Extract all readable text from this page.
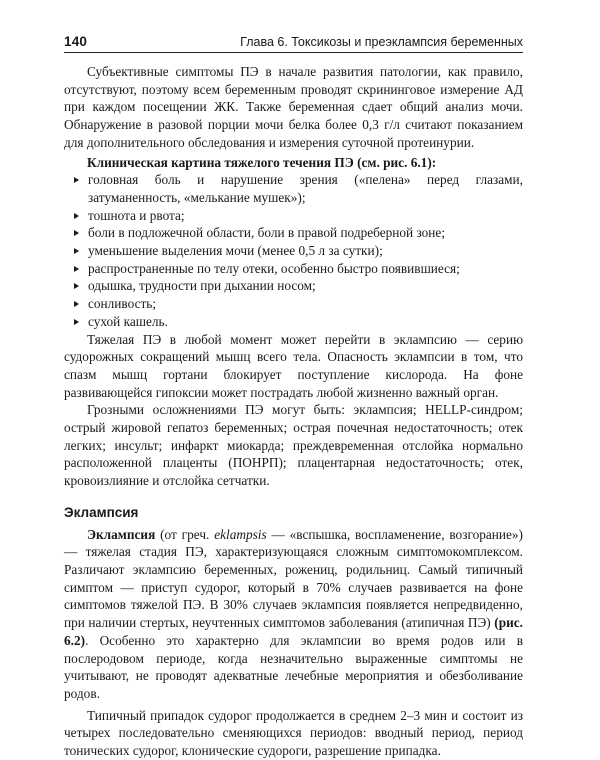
140	Глава 6. Токсикозы и преэклампсия беременных

Субъективные симптомы ПЭ в начале развития патологии, как правило, отсутствуют, поэтому всем беременным проводят скрининговое измерение АД при каждом посещении ЖК. Также беременная сдает общий анализ мочи. Обнаружение в разовой порции мочи белка более 0,3 г/л считают показанием для дополнительного обследования и измерения суточной протеинурии.

Клиническая картина тяжелого течения ПЭ (см. рис. 6.1):

головная боль и нарушение зрения («пелена» перед глазами, затуманенность, «мелькание мушек»);
тошнота и рвота;
боли в подложечной области, боли в правой подреберной зоне;
уменьшение выделения мочи (менее 0,5 л за сутки);
распространенные по телу отеки, особенно быстро появившиеся;
одышка, трудности при дыхании носом;
сонливость;
сухой кашель.

Тяжелая ПЭ в любой момент может перейти в эклампсию — серию судорожных сокращений мышц всего тела. Опасность эклампсии в том, что спазм мышц гортани блокирует поступление кислорода. На фоне развивающейся гипоксии может пострадать любой жизненно важный орган.

Грозными осложнениями ПЭ могут быть: эклампсия; HELLP-синдром; острый жировой гепатоз беременных; острая почечная недостаточность; отек легких; инсульт; инфаркт миокарда; преждевременная отслойка нормально расположенной плаценты (ПОНРП); плацентарная недостаточность; отек, кровоизлияние и отслойка сетчатки.

Эклампсия

Эклампсия (от греч. eklampsis — «вспышка, воспламенение, возгорание») — тяжелая стадия ПЭ, характеризующаяся сложным симптомокомплексом. Различают эклампсию беременных, рожениц, родильниц. Самый типичный симптом — приступ судорог, который в 70% случаев развивается на фоне симптомов тяжелой ПЭ. В 30% случаев эклампсия появляется непредвиденно, при наличии стертых, неучтенных симптомов заболевания (атипичная ПЭ) (рис. 6.2). Особенно это характерно для эклампсии во время родов или в послеродовом периоде, когда незначительно выраженные симптомы не учитывают, не проводят адекватные лечебные мероприятия и обезболивание родов.

Типичный припадок судорог продолжается в среднем 2–3 мин и состоит из четырех последовательно сменяющихся периодов: вводный период, период тонических судорог, клонические судороги, разрешение припадка.
